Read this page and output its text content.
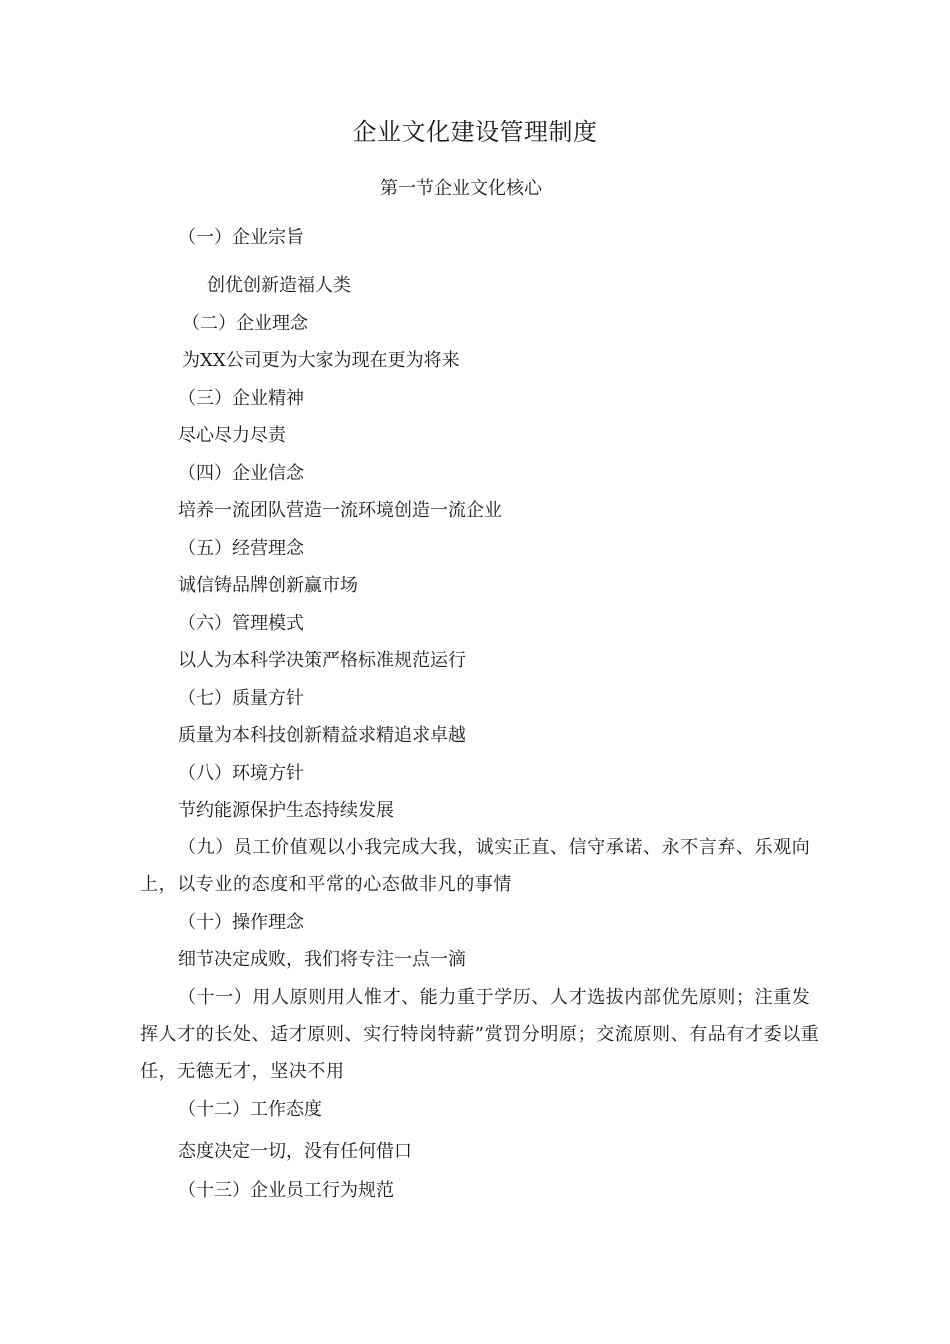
企业文化建设管理制度
第一节企业文化核心
（一）企业宗旨
创优创新造福人类
（二）企业理念
为XX公司更为大家为现在更为将来
（三）企业精神
尽心尽力尽责
（四）企业信念
培养一流团队营造一流环境创造一流企业
（五）经营理念
诚信铸品牌创新赢市场
（六）管理模式
以人为本科学决策严格标准规范运行
（七）质量方针
质量为本科技创新精益求精追求卓越
（八）环境方针
节约能源保护生态持续发展
（九）员工价值观以小我完成大我，诚实正直、信守承诺、永不言弃、乐观向上，以专业的态度和平常的心态做非凡的事情
（十）操作理念
细节决定成败，我们将专注一点一滴
（十一）用人原则用人惟才、能力重于学历、人才选拔内部优先原则；注重发挥人才的长处、适才原则、实行特岗特薪”赏罚分明原；交流原则、有品有才委以重任，无德无才，坚决不用
（十二）工作态度
态度决定一切，没有任何借口
（十三）企业员工行为规范
